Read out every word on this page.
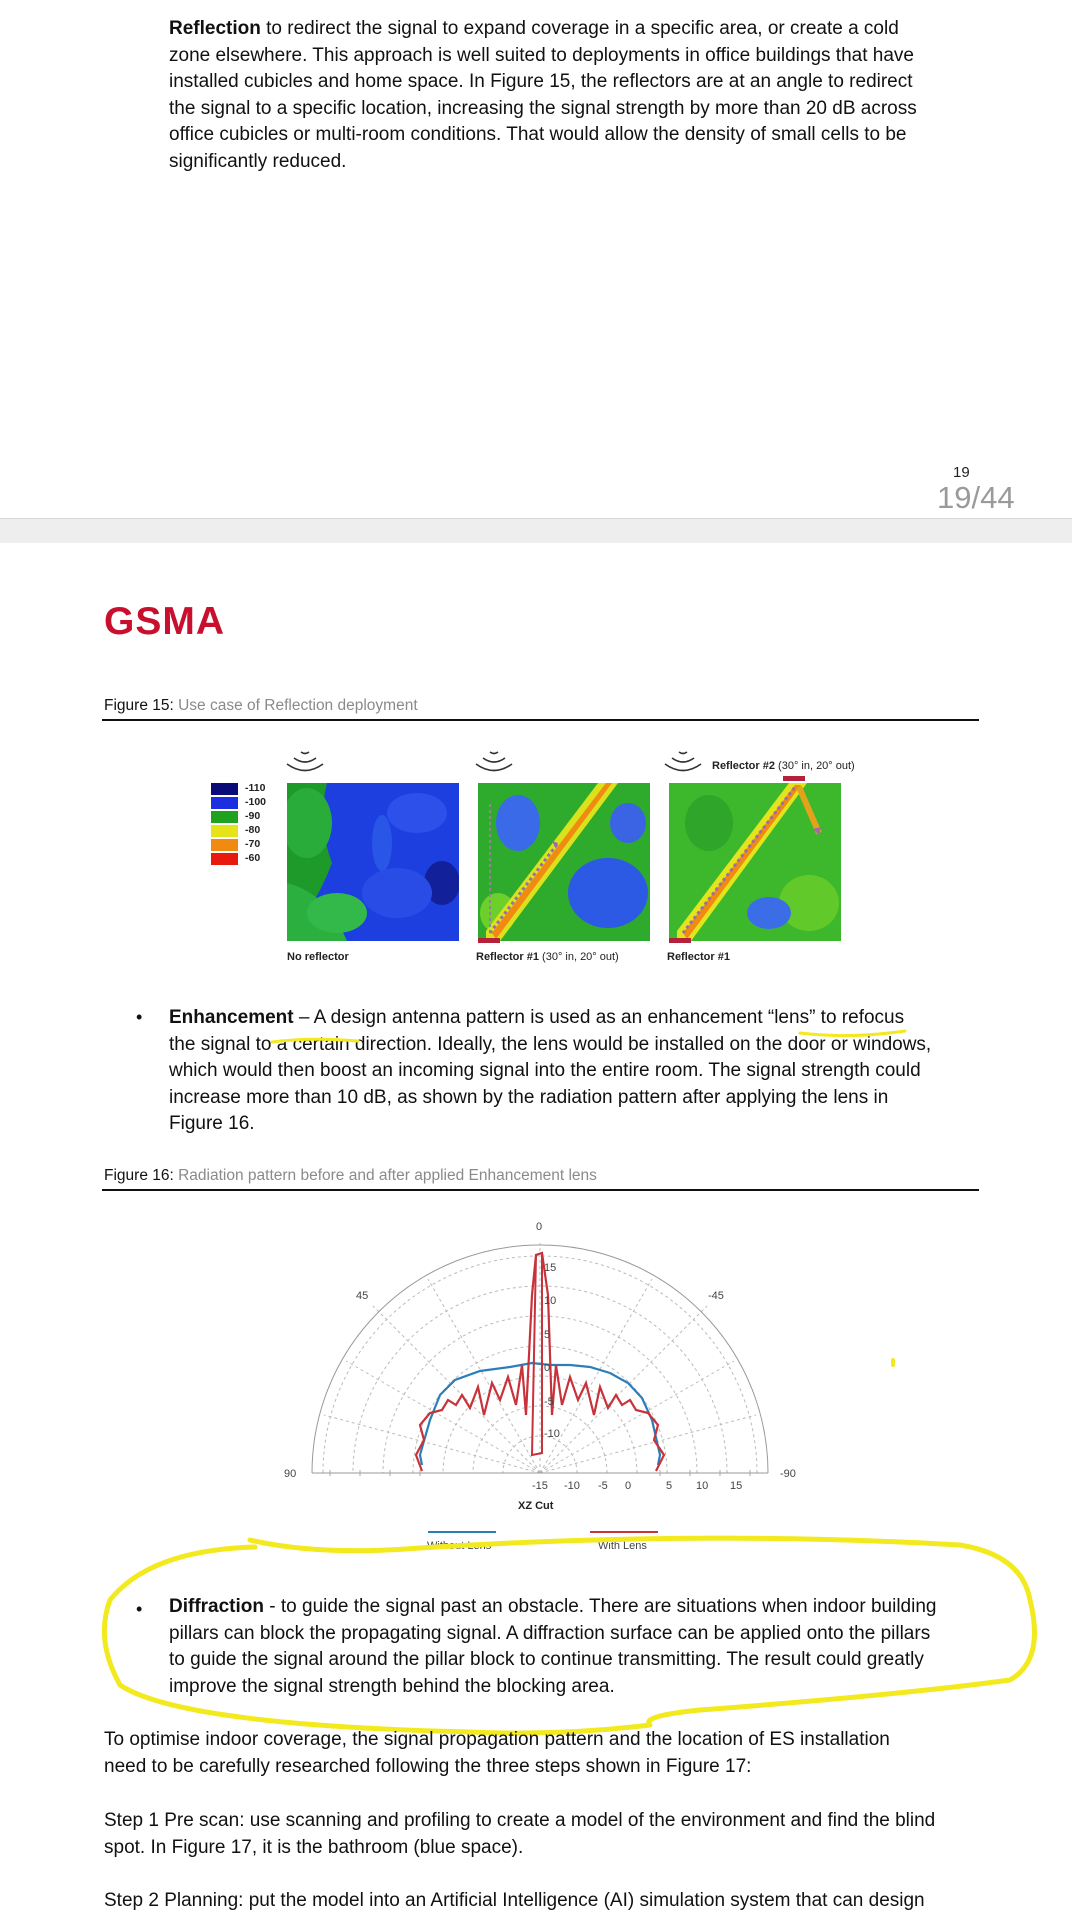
Reflection to redirect the signal to expand coverage in a specific area, or create a cold
zone elsewhere. This approach is well suited to deployments in office buildings that have
installed cubicles and home space. In Figure 15, the reflectors are at an angle to redirect
the signal to a specific location, increasing the signal strength by more than 20 dB across
office cubicles or multi-room conditions. That would allow the density of small cells to be
significantly reduced.

19
19/44
GSMA
Figure 15: Use case of Reflection deployment
-110
-100
-90
-80
-70
-60
No reflector	Reflector #1 (30° in, 20° out)	Reflector #1
Reflector #2 (30° in, 20° out)
• Enhancement – A design antenna pattern is used as an enhancement “lens” to refocus
the signal to a certain direction. Ideally, the lens would be installed on the door or windows,
which would then boost an incoming signal into the entire room. The signal strength could
increase more than 10 dB, as shown by the radiation pattern after applying the lens in
Figure 16.

Figure 16: Radiation pattern before and after applied Enhancement lens
0
45	-45
90	-90
15
10
5
0
-5
-10
-15 -10 -5 0	5 10 15
XZ Cut
Without Lens	With Lens
• Diffraction - to guide the signal past an obstacle. There are situations when indoor building
pillars can block the propagating signal. A diffraction surface can be applied onto the pillars
to guide the signal around the pillar block to continue transmitting. The result could greatly
improve the signal strength behind the blocking area.

To optimise indoor coverage, the signal propagation pattern and the location of ES installation
need to be carefully researched following the three steps shown in Figure 17:

Step 1 Pre scan: use scanning and profiling to create a model of the environment and find the blind
spot. In Figure 17, it is the bathroom (blue space).

Step 2 Planning: put the model into an Artificial Intelligence (AI) simulation system that can design
